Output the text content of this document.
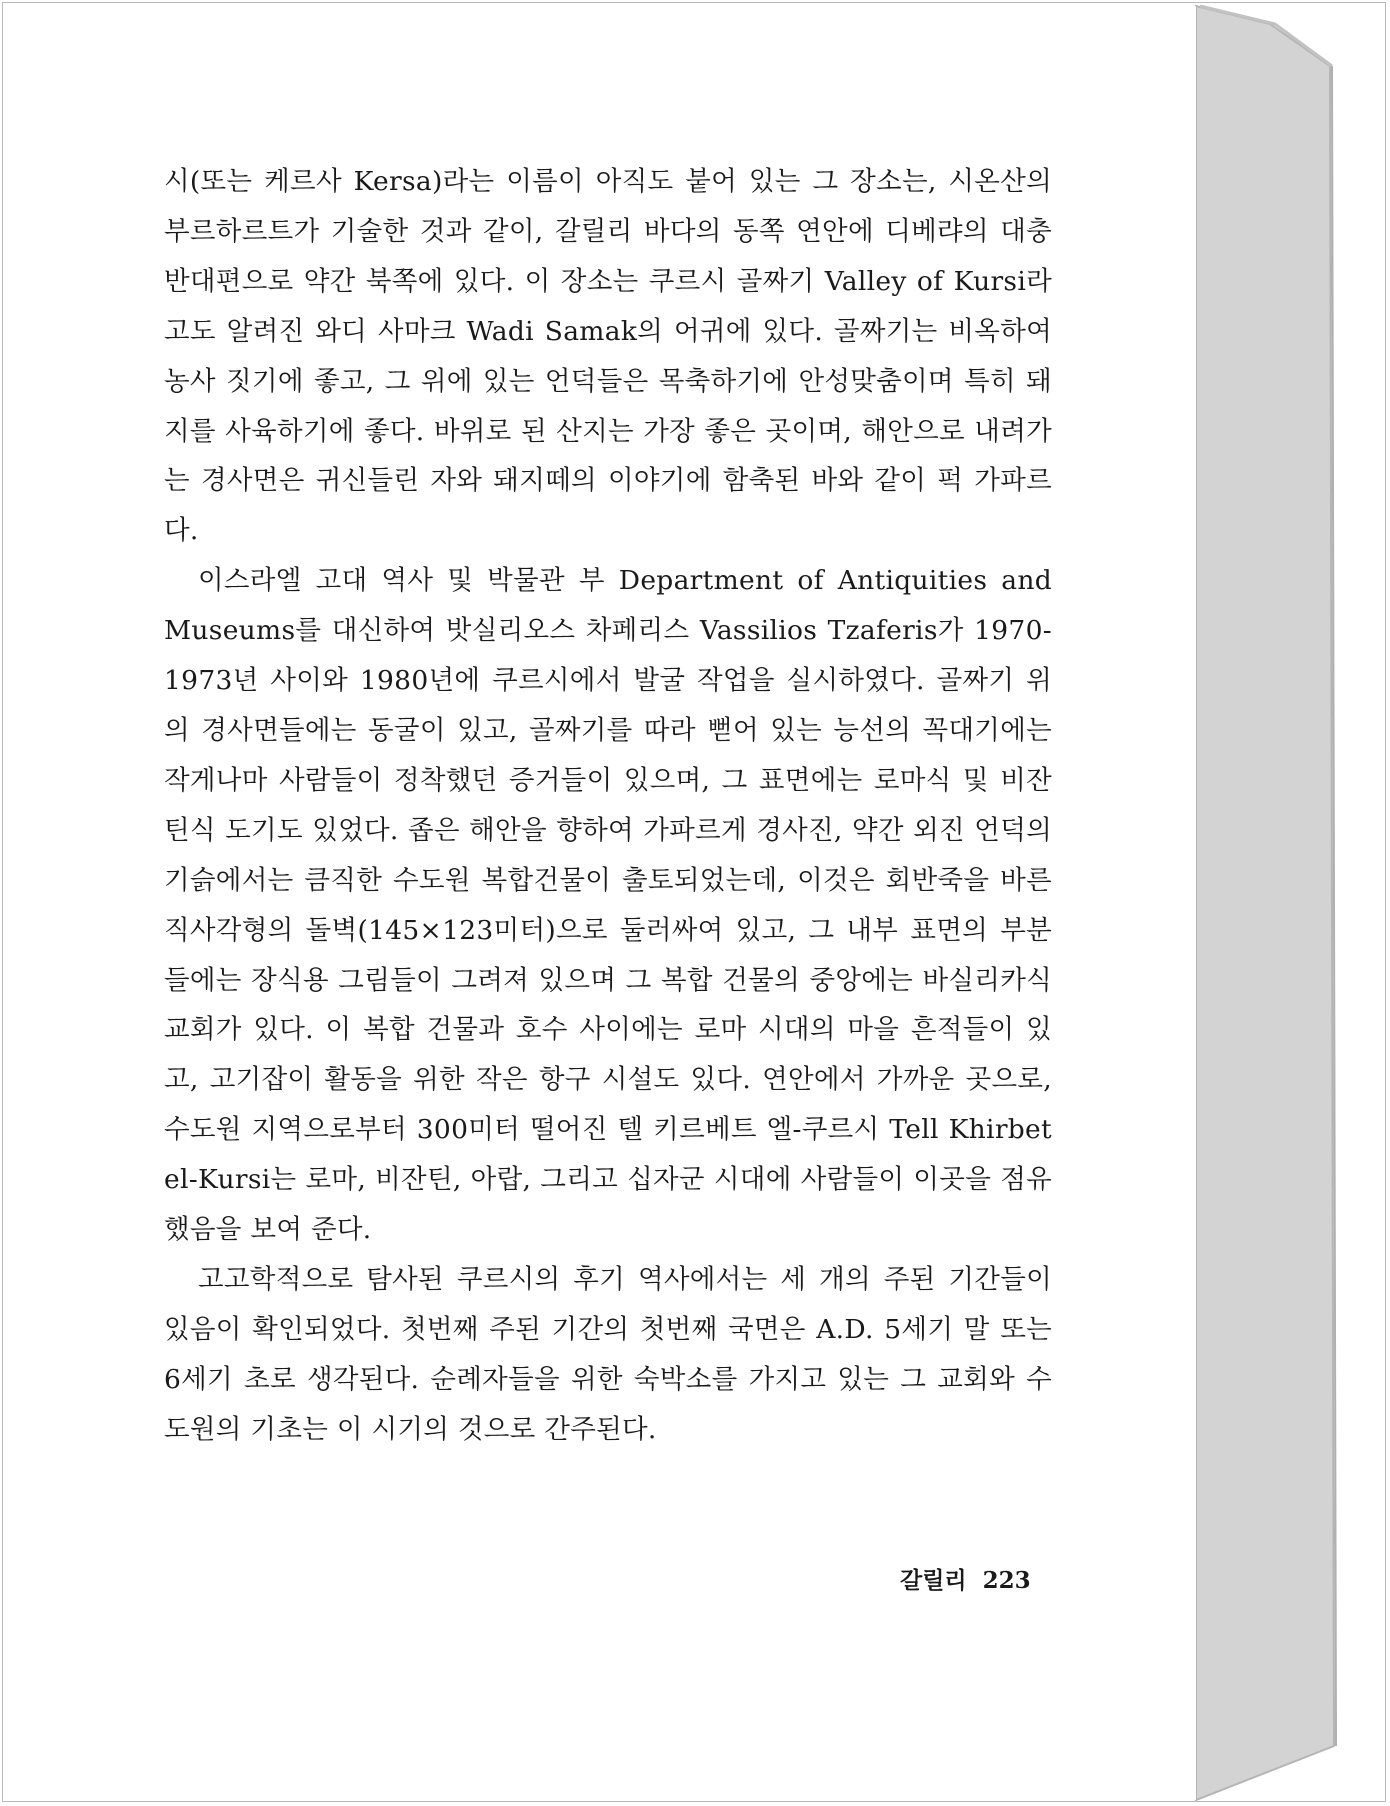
시(또는 케르사 Kersa)라는 이름이 아직도 붙어 있는 그 장소는, 시온산의 부르하르트가 기술한 것과 같이, 갈릴리 바다의 동쪽 연안에 디베랴의 대충 반대편으로 약간 북쪽에 있다. 이 장소는 쿠르시 골짜기 Valley of Kursi라고도 알려진 와디 사마크 Wadi Samak의 어귀에 있다. 골짜기는 비옥하여 농사 짓기에 좋고, 그 위에 있는 언덕들은 목축하기에 안성맞춤이며 특히 돼지를 사육하기에 좋다. 바위로 된 산지는 가장 좋은 곳이며, 해안으로 내려가는 경사면은 귀신들린 자와 돼지떼의 이야기에 함축된 바와 같이 퍽 가파르다.

이스라엘 고대 역사 및 박물관 부 Department of Antiquities and Museums를 대신하여 밧실리오스 차페리스 Vassilios Tzaferis가 1970-1973년 사이와 1980년에 쿠르시에서 발굴 작업을 실시하였다. 골짜기 위의 경사면들에는 동굴이 있고, 골짜기를 따라 뻗어 있는 능선의 꼭대기에는 작게나마 사람들이 정착했던 증거들이 있으며, 그 표면에는 로마식 및 비잔틴식 도기도 있었다. 좁은 해안을 향하여 가파르게 경사진, 약간 외진 언덕의 기슭에서는 큼직한 수도원 복합건물이 출토되었는데, 이것은 회반죽을 바른 직사각형의 돌벽(145×123미터)으로 둘러싸여 있고, 그 내부 표면의 부분들에는 장식용 그림들이 그려져 있으며 그 복합 건물의 중앙에는 바실리카식 교회가 있다. 이 복합 건물과 호수 사이에는 로마 시대의 마을 흔적들이 있고, 고기잡이 활동을 위한 작은 항구 시설도 있다. 연안에서 가까운 곳으로, 수도원 지역으로부터 300미터 떨어진 텔 키르베트 엘-쿠르시 Tell Khirbet el-Kursi는 로마, 비잔틴, 아랍, 그리고 십자군 시대에 사람들이 이곳을 점유했음을 보여 준다.

고고학적으로 탐사된 쿠르시의 후기 역사에서는 세 개의 주된 기간들이 있음이 확인되었다. 첫번째 주된 기간의 첫번째 국면은 A.D. 5세기 말 또는 6세기 초로 생각된다. 순례자들을 위한 숙박소를 가지고 있는 그 교회와 수도원의 기초는 이 시기의 것으로 간주된다.

갈릴리 223
